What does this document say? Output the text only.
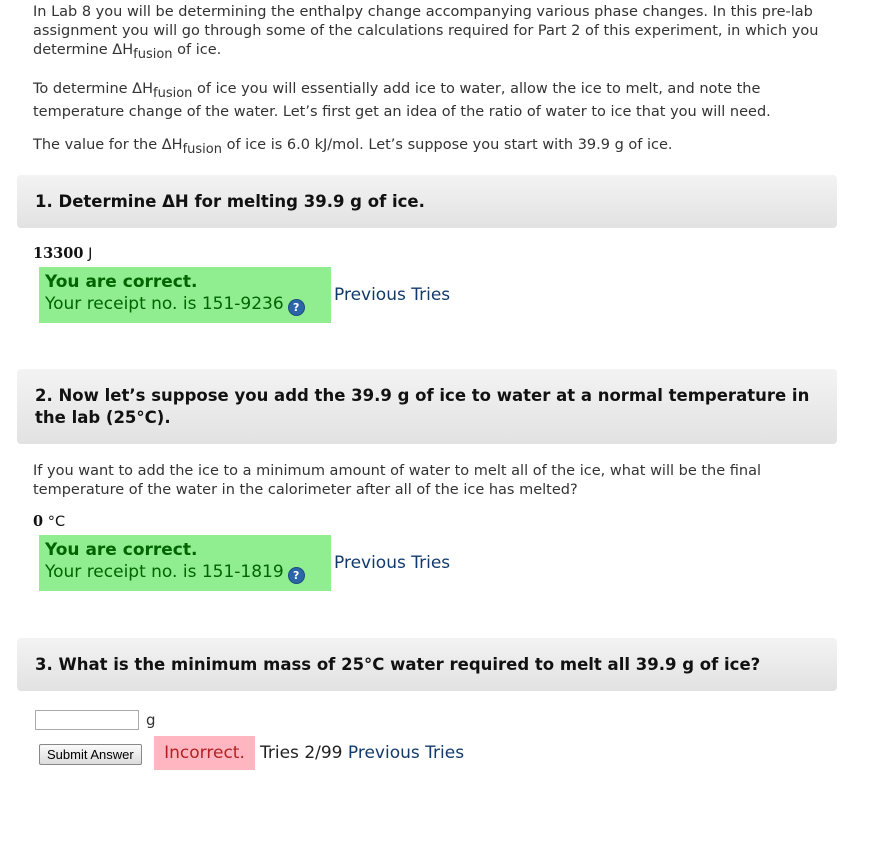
In Lab 8 you will be determining the enthalpy change accompanying various phase changes. In this pre-lab assignment you will go through some of the calculations required for Part 2 of this experiment, in which you determine $\Delta H_{fusion}$ of ice.

To determine $\Delta H_{fusion}$ of ice you will essentially add ice to water, allow the ice to melt, and note the temperature change of the water. Let’s first get an idea of the ratio of water to ice that you will need.

The value for the $\Delta H_{fusion}$ of ice is 6.0 kJ/mol. Let’s suppose you start with 39.9 g of ice.

1. Determine ΔH for melting 39.9 g of ice.
13300 J
You are correct.
Your receipt no. is 151-9236 ?
Previous Tries
2. Now let’s suppose you add the 39.9 g of ice to water at a normal temperature in the lab (25°C).
If you want to add the ice to a minimum amount of water to melt all of the ice, what will be the final temperature of the water in the calorimeter after all of the ice has melted?
0 °C
You are correct.
Your receipt no. is 151-1819 ?
Previous Tries
3. What is the minimum mass of 25°C water required to melt all 39.9 g of ice?
g
Submit Answer	Incorrect. Tries 2/99 Previous Tries
